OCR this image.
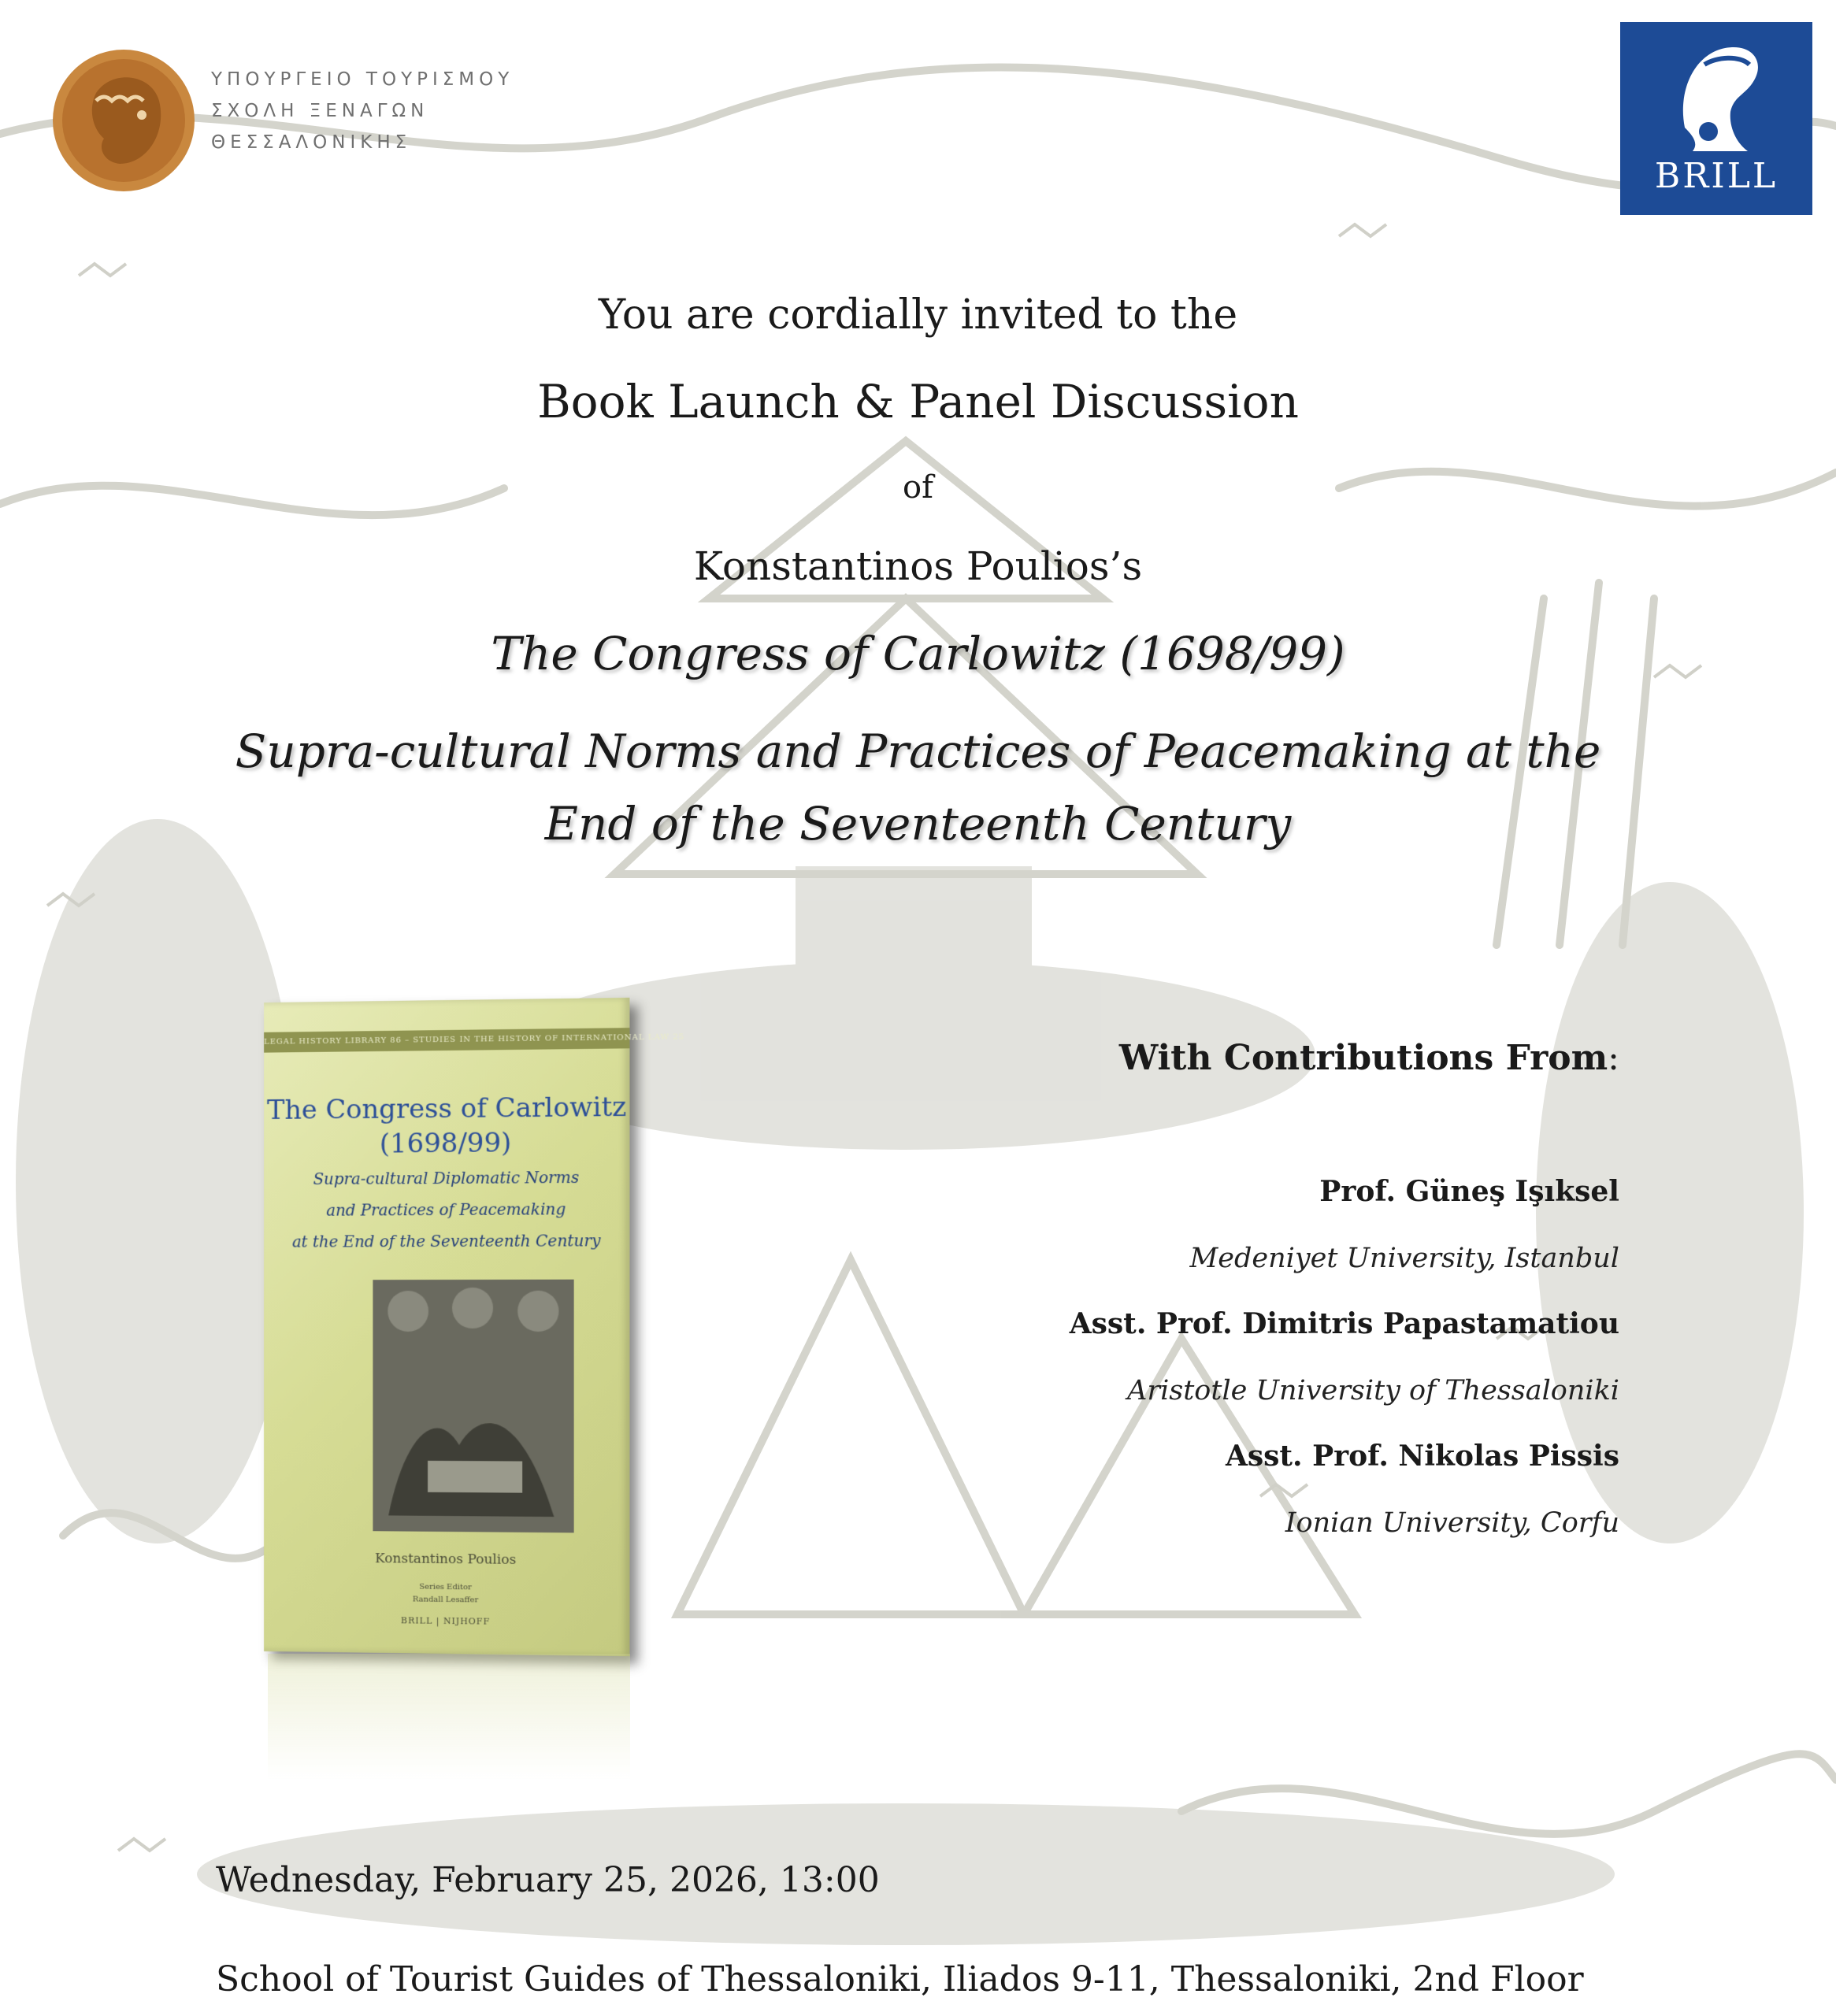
ΥΠΟΥΡΓΕΙΟ ΤΟΥΡΙΣΜΟΥ
ΣΧΟΛΗ ΞΕΝΑΓΩΝ
ΘΕΣΣΑΛΟΝΙΚΗΣ
BRILL
You are cordially invited to the
Book Launch & Panel Discussion
of
Konstantinos Poulios’s
The Congress of Carlowitz (1698/99)
Supra-cultural Norms and Practices of Peacemaking at the
End of the Seventeenth Century
LEGAL HISTORY LIBRARY 86 – STUDIES IN THE HISTORY OF INTERNATIONAL LAW 25
The Congress of Carlowitz
(1698/99)
Supra-cultural Diplomatic Norms
and Practices of Peacemaking
at the End of the Seventeenth Century
Konstantinos Poulios
Series Editor
Randall Lesaffer
BRILL | NIJHOFF
With Contributions From:
Prof. Güneş Işıksel
Medeniyet University, Istanbul
Asst. Prof. Dimitris Papastamatiou
Aristotle University of Thessaloniki
Asst. Prof. Nikolas Pissis
Ionian University, Corfu
Wednesday, February 25, 2026, 13:00
School of Tourist Guides of Thessaloniki, Iliados 9-11, Thessaloniki, 2nd Floor
